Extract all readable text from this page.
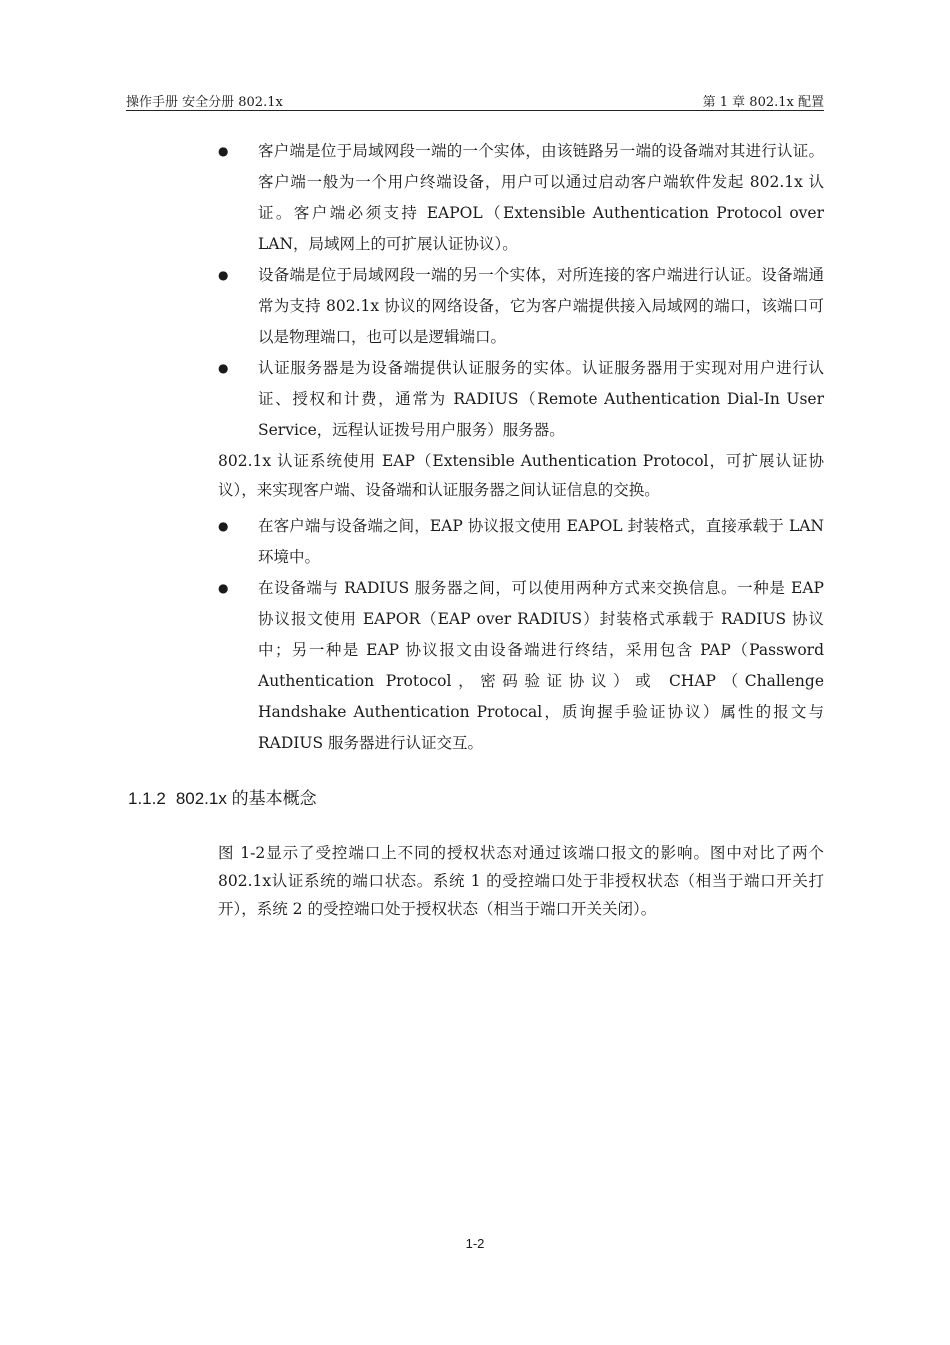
操作手册 安全分册 802.1x	第 1 章 802.1x 配置
● 客户端是位于局域网段一端的一个实体，由该链路另一端的设备端对其进行认证。客户端一般为一个用户终端设备，用户可以通过启动客户端软件发起 802.1x 认证。客户端必须支持 EAPOL（Extensible Authentication Protocol over LAN，局域网上的可扩展认证协议）。
● 设备端是位于局域网段一端的另一个实体，对所连接的客户端进行认证。设备端通常为支持 802.1x 协议的网络设备，它为客户端提供接入局域网的端口，该端口可以是物理端口，也可以是逻辑端口。
● 认证服务器是为设备端提供认证服务的实体。认证服务器用于实现对用户进行认证、授权和计费，通常为 RADIUS（Remote Authentication Dial-In User Service，远程认证拨号用户服务）服务器。

802.1x 认证系统使用 EAP（Extensible Authentication Protocol，可扩展认证协议），来实现客户端、设备端和认证服务器之间认证信息的交换。

● 在客户端与设备端之间，EAP 协议报文使用 EAPOL 封装格式，直接承载于 LAN 环境中。
● 在设备端与 RADIUS 服务器之间，可以使用两种方式来交换信息。一种是 EAP 协议报文使用 EAPOR（EAP over RADIUS）封装格式承载于 RADIUS 协议中；另一种是 EAP 协议报文由设备端进行终结，采用包含 PAP（Password Authentication Protocol，密码验证协议）或 CHAP（Challenge Handshake Authentication Protocal，质询握手验证协议）属性的报文与 RADIUS 服务器进行认证交互。
1.1.2 802.1x 的基本概念

图 1-2显示了受控端口上不同的授权状态对通过该端口报文的影响。图中对比了两个 802.1x认证系统的端口状态。系统 1 的受控端口处于非授权状态（相当于端口开关打开），系统 2 的受控端口处于授权状态（相当于端口开关关闭）。

1-2
